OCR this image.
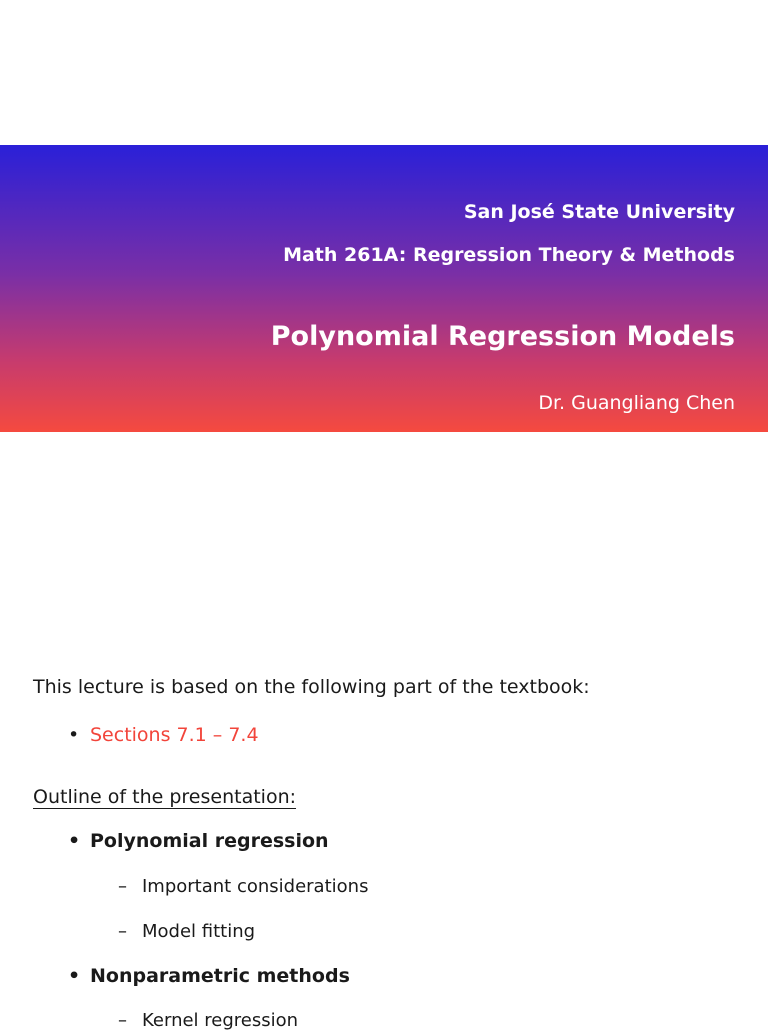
San José State University
Math 261A: Regression Theory & Methods
Polynomial Regression Models
Dr. Guangliang Chen
This lecture is based on the following part of the textbook:
• Sections 7.1 – 7.4
Outline of the presentation:
• Polynomial regression
– Important considerations
– Model fitting
• Nonparametric methods
– Kernel regression
